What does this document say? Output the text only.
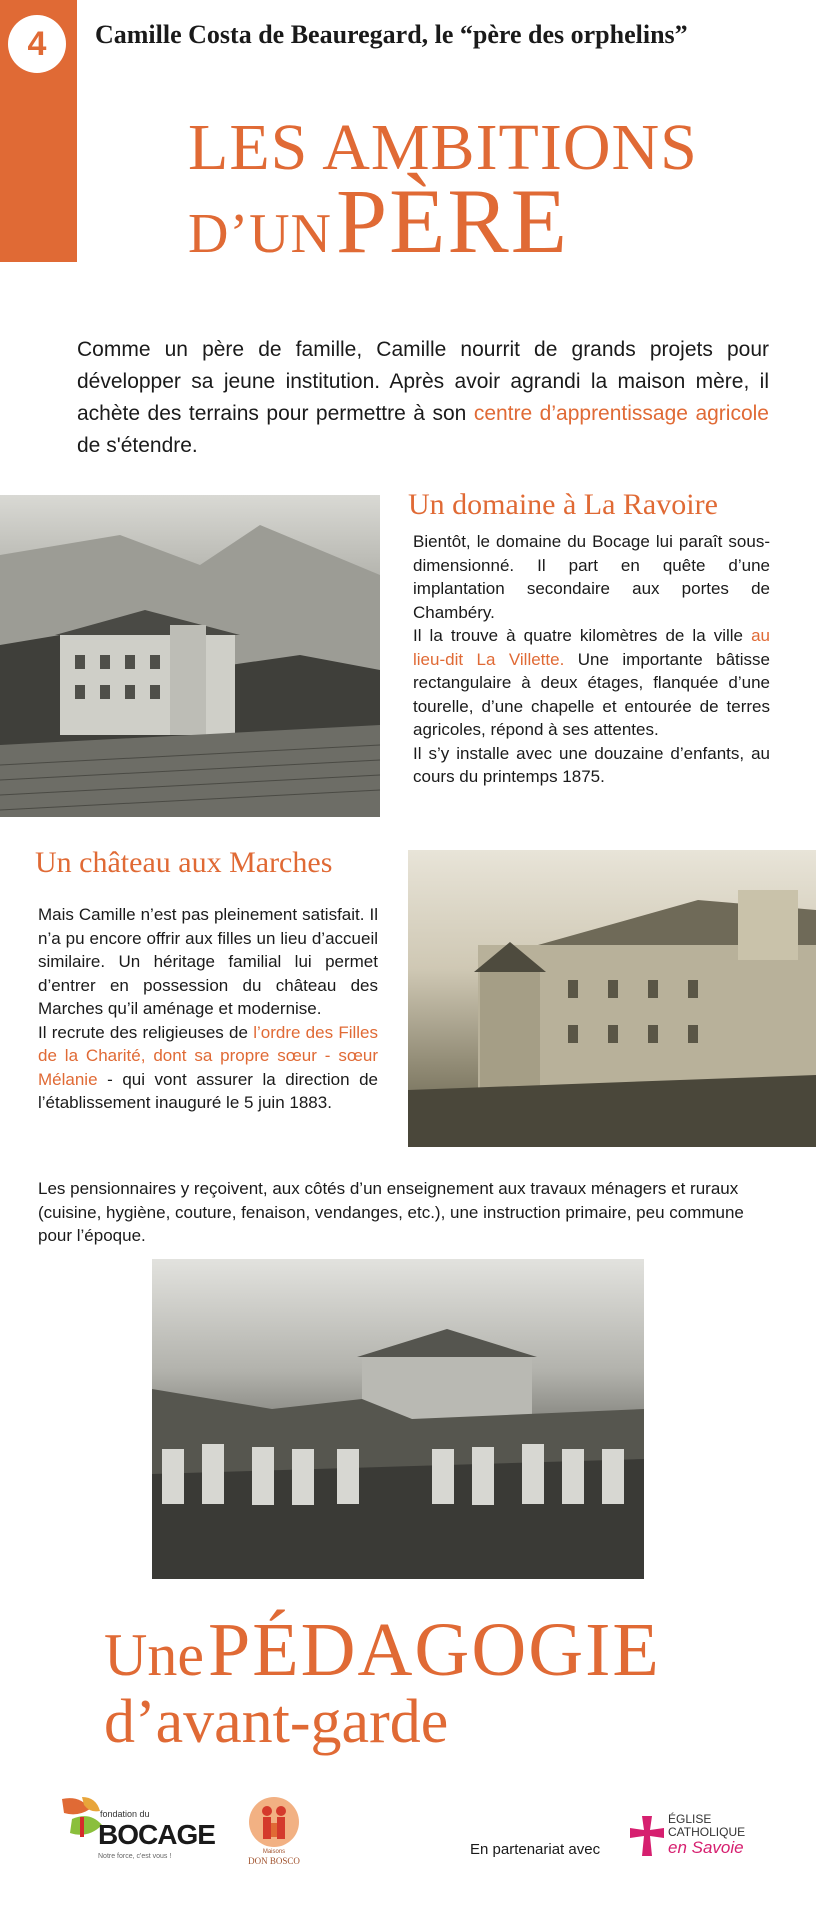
4	Camille Costa de Beauregard, le “père des orphelins”
LES AMBITIONS
D’UN PÈRE
Comme un père de famille, Camille nourrit de grands projets pour développer sa jeune institution. Après avoir agrandi la maison mère, il achète des terrains pour permettre à son centre d’apprentissage agricole de s'étendre.
Un domaine à La Ravoire

Bientôt, le domaine du Bocage lui paraît sous-dimensionné. Il part en quête d’une implantation secondaire aux portes de Chambéry.

Il la trouve à quatre kilomètres de la ville au lieu-dit La Villette. Une importante bâtisse rectangulaire à deux étages, flanquée d’une tourelle, d’une chapelle et entourée de terres agricoles, répond à ses attentes.

Il s’y installe avec une douzaine d’enfants, au cours du printemps 1875.

Un château aux Marches

Mais Camille n’est pas pleinement satisfait. Il n’a pu encore offrir aux filles un lieu d’accueil similaire. Un héritage familial lui permet d’entrer en possession du château des Marches qu’il aménage et modernise.

Il recrute des religieuses de l’ordre des Filles de la Charité, dont sa propre sœur - sœur Mélanie - qui vont assurer la direction de l’établissement inauguré le 5 juin 1883.

Les pensionnaires y reçoivent, aux côtés d’un enseignement aux travaux ménagers et ruraux (cuisine, hygiène, couture, fenaison, vendanges, etc.), une instruction primaire, peu commune pour l’époque.
Une PÉDAGOGIE
d’avant-garde
fondation du
BOCAGE
Notre force, c'est vous !
Maisons
DON BOSCO
En partenariat avec
ÉGLISE
CATHOLIQUE
en Savoie
